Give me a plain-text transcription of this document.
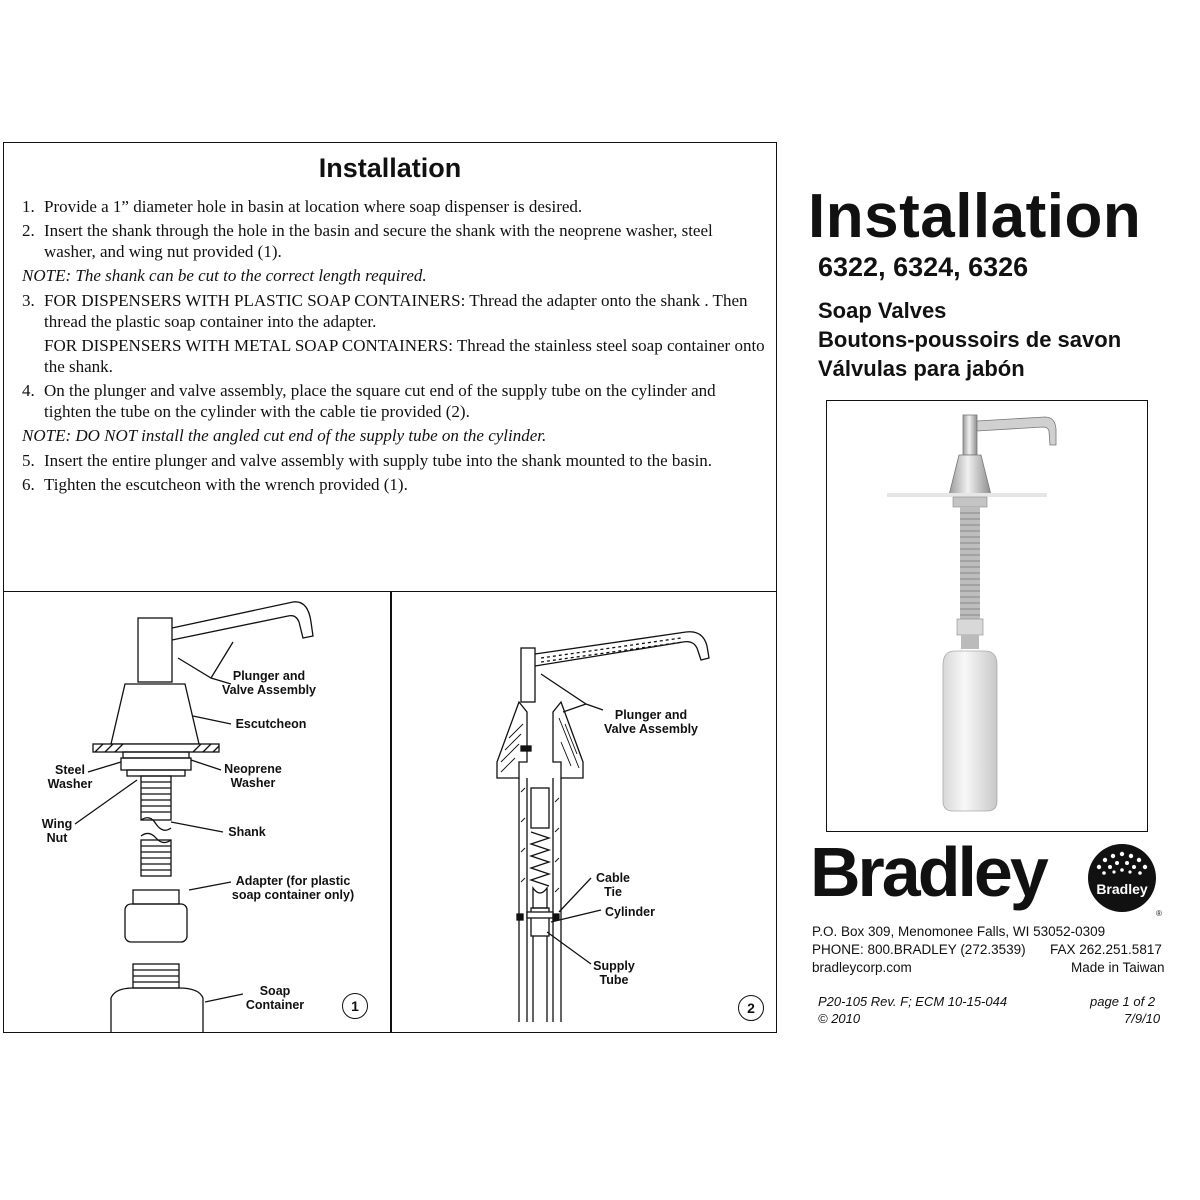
Installation
1. Provide a 1” diameter hole in basin at location where soap dispenser is desired.
2. Insert the shank through the hole in the basin and secure the shank with the neoprene washer, steel washer, and wing nut provided (1).
NOTE: The shank can be cut to the correct length required.
3. FOR DISPENSERS WITH PLASTIC SOAP CONTAINERS: Thread the adapter onto the shank . Then thread the plastic soap container into the adapter.
FOR DISPENSERS WITH METAL SOAP CONTAINERS: Thread the stainless steel soap container onto the shank.
4. On the plunger and valve assembly, place the square cut end of the supply tube on the cylinder and tighten the tube on the cylinder with the cable tie provided (2).
NOTE: DO NOT install the angled cut end of the supply tube on the cylinder.
5. Insert the entire plunger and valve assembly with supply tube into the shank mounted to the basin.
6. Tighten the escutcheon with the wrench provided (1).
Plunger and
Valve Assembly
Escutcheon
Steel
Washer
Neoprene
Washer
Wing
Nut	Shank
Adapter (for plastic
soap container only)
Soap
Container	1
Plunger and
Valve Assembly
Cable
Tie
Cylinder
Supply
Tube
2
Installation
6322, 6324, 6326
Soap Valves
Boutons-poussoirs de savon
Válvulas para jabón
Bradley	Bradley
®
P.O. Box 309, Menomonee Falls, WI 53052-0309
PHONE: 800.BRADLEY (272.3539) FAX 262.251.5817
bradleycorp.com	Made in Taiwan
P20-105 Rev. F; ECM 10-15-044
© 2010
page 1 of 2
7/9/10
